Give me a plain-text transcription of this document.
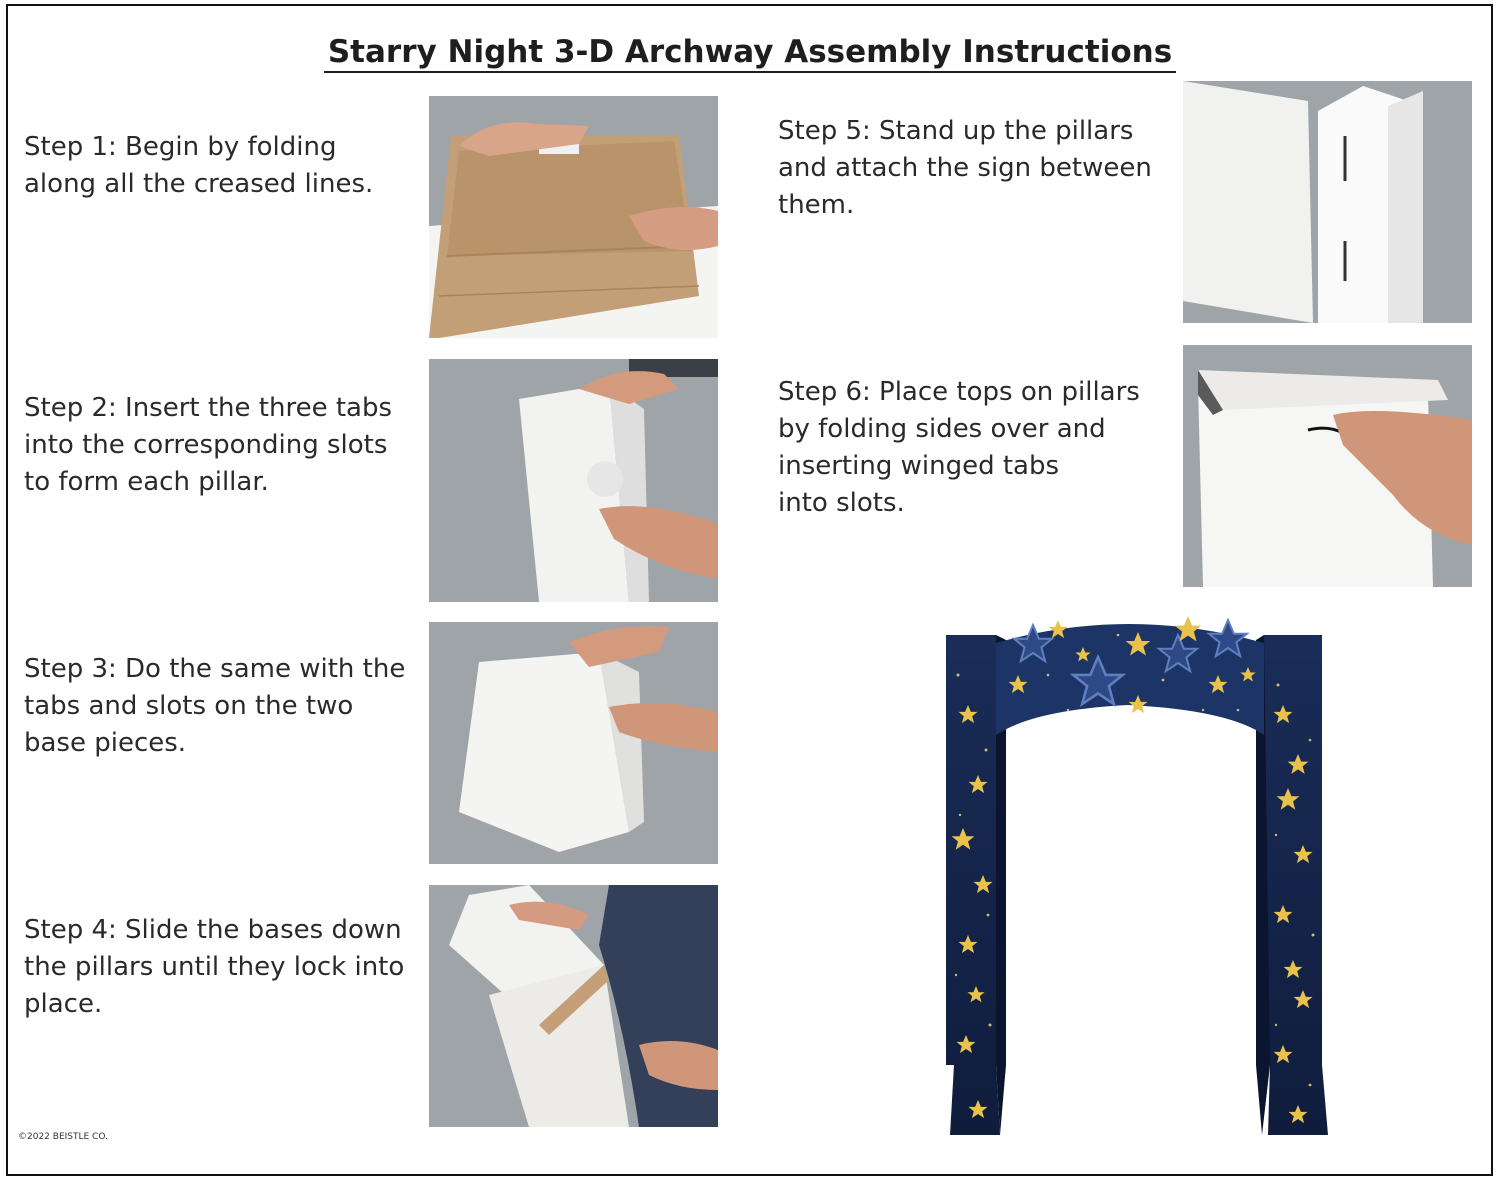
Starry Night 3-D Archway Assembly Instructions
Step 1: Begin by folding
along all the creased lines.
Step 2: Insert the three tabs
into the corresponding slots
to form each pillar.
Step 3: Do the same with the
tabs and slots on the two
base pieces.
Step 4: Slide the bases down
the pillars until they lock into
place.
Step 5: Stand up the pillars
and attach the sign between
them.
Step 6: Place tops on pillars
by folding sides over and
inserting winged tabs
into slots.
©2022 BEISTLE CO.
